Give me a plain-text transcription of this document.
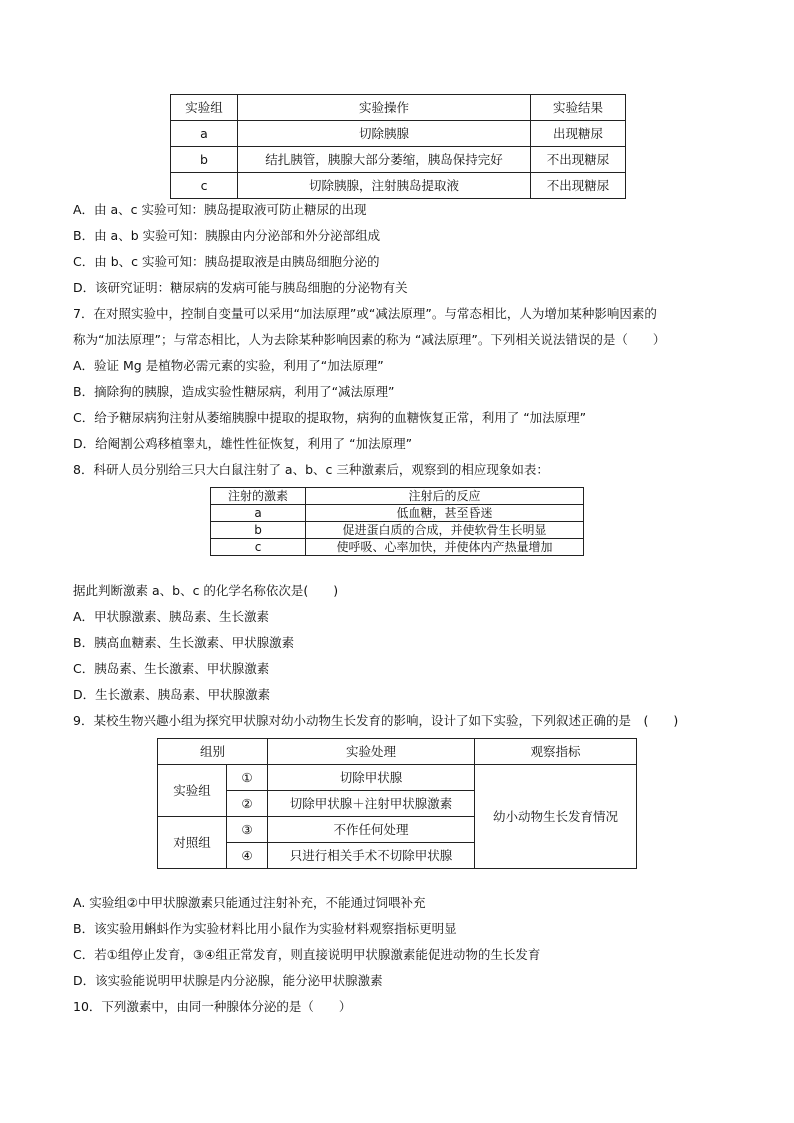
实验组	实验操作	实验结果
a	切除胰腺	出现糖尿
b	结扎胰管，胰腺大部分萎缩，胰岛保持完好	不出现糖尿
c	切除胰腺，注射胰岛提取液	不出现糖尿
A．由 a、c 实验可知：胰岛提取液可防止糖尿的出现
B．由 a、b 实验可知：胰腺由内分泌部和外分泌部组成
C．由 b、c 实验可知：胰岛提取液是由胰岛细胞分泌的
D．该研究证明：糖尿病的发病可能与胰岛细胞的分泌物有关
7．在对照实验中，控制自变量可以采用“加法原理”或“减法原理”。与常态相比，人为增加某种影响因素的
称为“加法原理”；与常态相比，人为去除某种影响因素的称为 “减法原理”。下列相关说法错误的是（　　）
A．验证 Mg 是植物必需元素的实验，利用了“加法原理”
B．摘除狗的胰腺，造成实验性糖尿病，利用了“减法原理”
C．给予糖尿病狗注射从萎缩胰腺中提取的提取物，病狗的血糖恢复正常，利用了 “加法原理”
D．给阉割公鸡移植睾丸，雄性性征恢复，利用了 “加法原理”
8．科研人员分别给三只大白鼠注射了 a、b、c 三种激素后，观察到的相应现象如表：
注射的激素	注射后的反应
a	低血糖，甚至昏迷
b	促进蛋白质的合成，并使软骨生长明显
c	使呼吸、心率加快，并使体内产热量增加
据此判断激素 a、b、c 的化学名称依次是(　　)
A．甲状腺激素、胰岛素、生长激素
B．胰高血糖素、生长激素、甲状腺激素
C．胰岛素、生长激素、甲状腺激素
D．生长激素、胰岛素、甲状腺激素
9．某校生物兴趣小组为探究甲状腺对幼小动物生长发育的影响，设计了如下实验，下列叙述正确的是　(　　)
组别		实验处理	观察指标
实验组	①	切除甲状腺	幼小动物生长发育情况
	②	切除甲状腺＋注射甲状腺激素	
对照组	③	不作任何处理	
	④	只进行相关手术不切除甲状腺	
A. 实验组②中甲状腺激素只能通过注射补充，不能通过饲喂补充
B．该实验用蝌蚪作为实验材料比用小鼠作为实验材料观察指标更明显
C．若①组停止发育，③④组正常发育，则直接说明甲状腺激素能促进动物的生长发育
D．该实验能说明甲状腺是内分泌腺，能分泌甲状腺激素
10．下列激素中，由同一种腺体分泌的是（　　）
